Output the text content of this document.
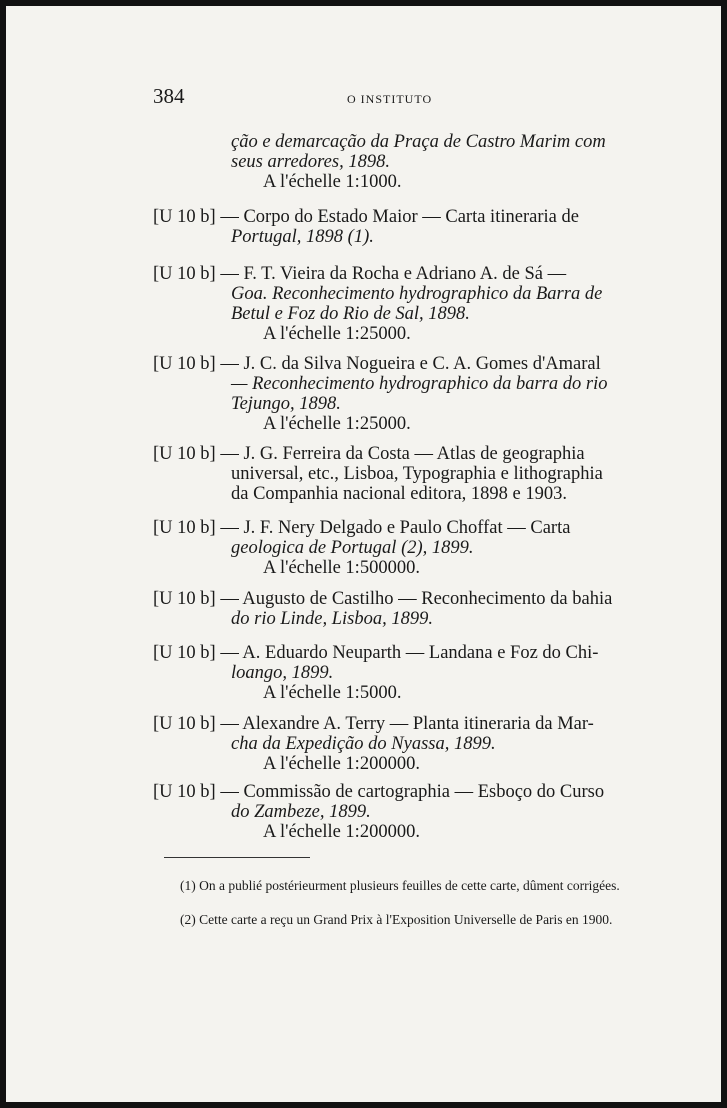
384	O INSTITUTO
ção e demarcação da Praça de Castro Marim com
seus arredores, 1898.
A l'échelle 1:1000.
[U 10 b] — Corpo do Estado Maior — Carta itineraria de
Portugal, 1898 (1).
[U 10 b] — F. T. Vieira da Rocha e Adriano A. de Sá —
Goa. Reconhecimento hydrographico da Barra de
Betul e Foz do Rio de Sal, 1898.
A l'échelle 1:25000.
[U 10 b] — J. C. da Silva Nogueira e C. A. Gomes d'Amaral
— Reconhecimento hydrographico da barra do rio
Tejungo, 1898.
A l'échelle 1:25000.
[U 10 b] — J. G. Ferreira da Costa — Atlas de geographia
universal, etc., Lisboa, Typographia e lithographia
da Companhia nacional editora, 1898 e 1903.
[U 10 b] — J. F. Nery Delgado e Paulo Choffat — Carta
geologica de Portugal (2), 1899.
A l'échelle 1:500000.
[U 10 b] — Augusto de Castilho — Reconhecimento da bahia
do rio Linde, Lisboa, 1899.
[U 10 b] — A. Eduardo Neuparth — Landana e Foz do Chi-
loango, 1899.
A l'échelle 1:5000.
[U 10 b] — Alexandre A. Terry — Planta itineraria da Mar-
cha da Expedição do Nyassa, 1899.
A l'échelle 1:200000.
[U 10 b] — Commissão de cartographia — Esboço do Curso
do Zambeze, 1899.
A l'échelle 1:200000.
(1) On a publié postérieurment plusieurs feuilles de cette carte, dûment corrigées.
(2) Cette carte a reçu un Grand Prix à l'Exposition Universelle de Paris en 1900.
